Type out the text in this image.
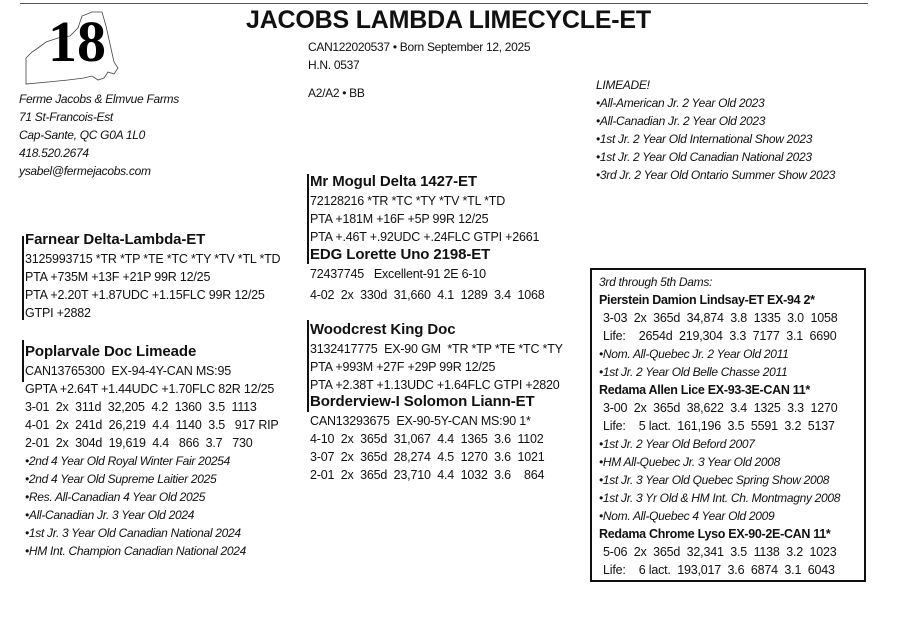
18	JACOBS LAMBDA LIMECYCLE-ET
CAN122020537 • Born September 12, 2025
H.N. 0537
A2/A2 • BB
Ferme Jacobs & Elmvue Farms
71 St-Francois-Est
Cap-Sante, QC G0A 1L0
418.520.2674
ysabel@fermejacobs.com
LIMEADE!
•All-American Jr. 2 Year Old 2023
•All-Canadian Jr. 2 Year Old 2023
•1st Jr. 2 Year Old International Show 2023
•1st Jr. 2 Year Old Canadian National 2023
•3rd Jr. 2 Year Old Ontario Summer Show 2023
Mr Mogul Delta 1427-ET
72128216 *TR *TC *TY *TV *TL *TD
PTA +181M +16F +5P 99R 12/25
PTA +.46T +.92UDC +.24FLC GTPI +2661
EDG Lorette Uno 2198-ET
72437745   Excellent-91 2E 6-10
4-02  2x  330d  31,660  4.1  1289  3.4  1068
Farnear Delta-Lambda-ET
3125993715 *TR *TP *TE *TC *TY *TV *TL *TD
PTA +735M +13F +21P 99R 12/25
PTA +2.20T +1.87UDC +1.15FLC 99R 12/25
GTPI +2882
Poplarvale Doc Limeade
CAN13765300  EX-94-4Y-CAN MS:95
GPTA +2.64T +1.44UDC +1.70FLC 82R 12/25
3-01  2x  311d  32,205  4.2  1360  3.5  1113
4-01  2x  241d  26,219  4.4  1140  3.5   917 RIP
2-01  2x  304d  19,619  4.4   866  3.7   730
•2nd 4 Year Old Royal Winter Fair 20254
•2nd 4 Year Old Supreme Laitier 2025
•Res. All-Canadian 4 Year Old 2025
•All-Canadian Jr. 3 Year Old 2024
•1st Jr. 3 Year Old Canadian National 2024
•HM Int. Champion Canadian National 2024
Woodcrest King Doc
3132417775  EX-90 GM  *TR *TP *TE *TC *TY
PTA +993M +27F +29P 99R 12/25
PTA +2.38T +1.13UDC +1.64FLC GTPI +2820
Borderview-I Solomon Liann-ET
CAN13293675  EX-90-5Y-CAN MS:90 1*
4-10  2x  365d  31,067  4.4  1365  3.6  1102
3-07  2x  365d  28,274  4.5  1270  3.6  1021
2-01  2x  365d  23,710  4.4  1032  3.6    864
3rd through 5th Dams:
Pierstein Damion Lindsay-ET EX-94 2*
3-03  2x  365d  34,874  3.8  1335  3.0  1058
Life:    2654d  219,304  3.3  7177  3.1  6690
•Nom. All-Quebec Jr. 2 Year Old 2011
•1st Jr. 2 Year Old Belle Chasse 2011
Redama Allen Lice EX-93-3E-CAN 11*
3-00  2x  365d  38,622  3.4  1325  3.3  1270
Life:    5 lact.  161,196  3.5  5591  3.2  5137
•1st Jr. 2 Year Old Beford 2007
•HM All-Quebec Jr. 3 Year Old 2008
•1st Jr. 3 Year Old Quebec Spring Show 2008
•1st Jr. 3 Yr Old & HM Int. Ch. Montmagny 2008
•Nom. All-Quebec 4 Year Old 2009
Redama Chrome Lyso EX-90-2E-CAN 11*
5-06  2x  365d  32,341  3.5  1138  3.2  1023
Life:    6 lact.  193,017  3.6  6874  3.1  6043
